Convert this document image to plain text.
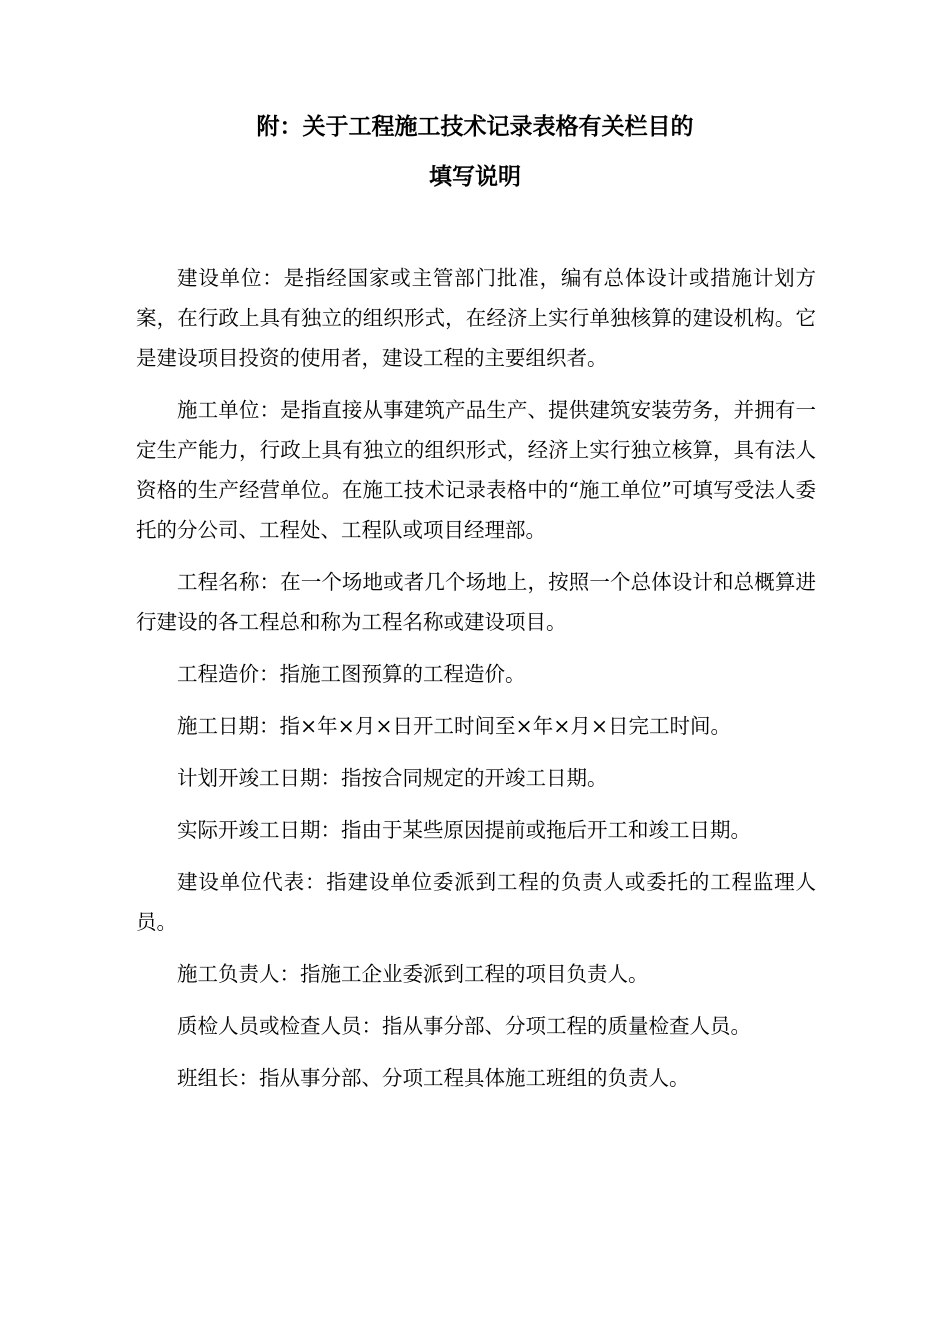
附：关于工程施工技术记录表格有关栏目的
填写说明

建设单位：是指经国家或主管部门批准，编有总体设计或措施计划方案，在行政上具有独立的组织形式，在经济上实行单独核算的建设机构。它是建设项目投资的使用者，建设工程的主要组织者。

施工单位：是指直接从事建筑产品生产、提供建筑安装劳务，并拥有一定生产能力，行政上具有独立的组织形式，经济上实行独立核算，具有法人资格的生产经营单位。在施工技术记录表格中的“施工单位”可填写受法人委托的分公司、工程处、工程队或项目经理部。

工程名称：在一个场地或者几个场地上，按照一个总体设计和总概算进行建设的各工程总和称为工程名称或建设项目。

工程造价：指施工图预算的工程造价。

施工日期：指×年×月×日开工时间至×年×月×日完工时间。

计划开竣工日期：指按合同规定的开竣工日期。

实际开竣工日期：指由于某些原因提前或拖后开工和竣工日期。

建设单位代表：指建设单位委派到工程的负责人或委托的工程监理人员。

施工负责人：指施工企业委派到工程的项目负责人。

质检人员或检查人员：指从事分部、分项工程的质量检查人员。

班组长：指从事分部、分项工程具体施工班组的负责人。
